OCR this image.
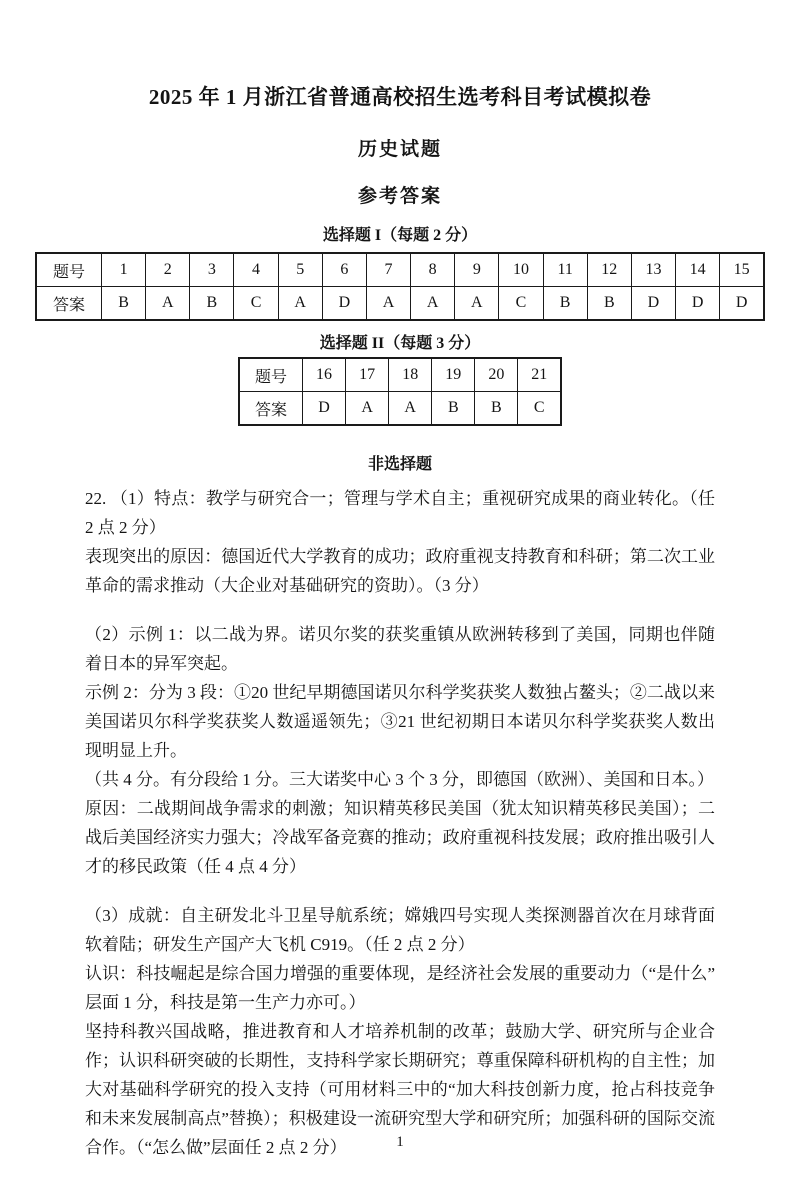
2025 年 1 月浙江省普通高校招生选考科目考试模拟卷
历史试题
参考答案
选择题 I（每题 2 分）
题号	1	2	3	4	5	6	7	8	9	10	11	12	13	14	15
答案	B	A	B	C	A	D	A	A	A	C	B	B	D	D	D
选择题 II（每题 3 分）
题号	16	17	18	19	20	21
答案	D	A	A	B	B	C
非选择题
22. （1）特点：教学与研究合一；管理与学术自主；重视研究成果的商业转化。（任 2 点 2 分）
表现突出的原因：德国近代大学教育的成功；政府重视支持教育和科研；第二次工业革命的需求推动（大企业对基础研究的资助）。（3 分）
（2）示例 1：以二战为界。诺贝尔奖的获奖重镇从欧洲转移到了美国，同期也伴随着日本的异军突起。
示例 2：分为 3 段：①20 世纪早期德国诺贝尔科学奖获奖人数独占鳌头；②二战以来美国诺贝尔科学奖获奖人数遥遥领先；③21 世纪初期日本诺贝尔科学奖获奖人数出现明显上升。
（共 4 分。有分段给 1 分。三大诺奖中心 3 个 3 分，即德国（欧洲）、美国和日本。）
原因：二战期间战争需求的刺激；知识精英移民美国（犹太知识精英移民美国）；二战后美国经济实力强大；冷战军备竞赛的推动；政府重视科技发展；政府推出吸引人才的移民政策（任 4 点 4 分）
（3）成就：自主研发北斗卫星导航系统；嫦娥四号实现人类探测器首次在月球背面软着陆；研发生产国产大飞机 C919。（任 2 点 2 分）
认识：科技崛起是综合国力增强的重要体现，是经济社会发展的重要动力（“是什么”层面 1 分，科技是第一生产力亦可。）
坚持科教兴国战略，推进教育和人才培养机制的改革；鼓励大学、研究所与企业合作；认识科研突破的长期性，支持科学家长期研究；尊重保障科研机构的自主性；加大对基础科学研究的投入支持（可用材料三中的“加大科技创新力度，抢占科技竞争和未来发展制高点”替换）；积极建设一流研究型大学和研究所；加强科研的国际交流合作。（“怎么做”层面任 2 点 2 分）	1
